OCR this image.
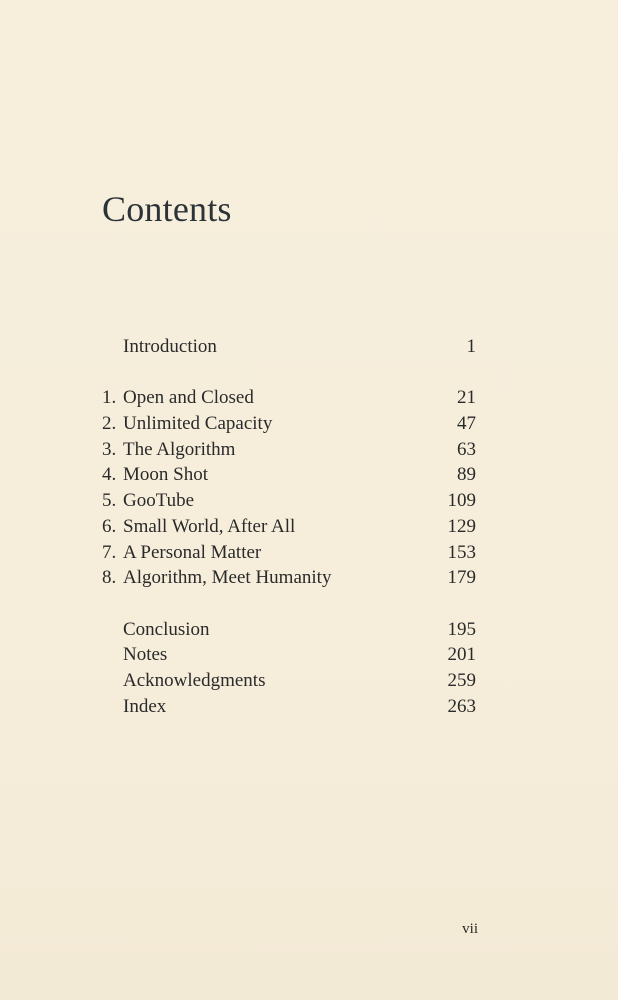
Contents
Introduction	1
1. Open and Closed	21
2. Unlimited Capacity	47
3. The Algorithm	63
4. Moon Shot	89
5. GooTube	109
6. Small World, After All	129
7. A Personal Matter	153
8. Algorithm, Meet Humanity	179
Conclusion	195
Notes	201
Acknowledgments	259
Index	263
vii
